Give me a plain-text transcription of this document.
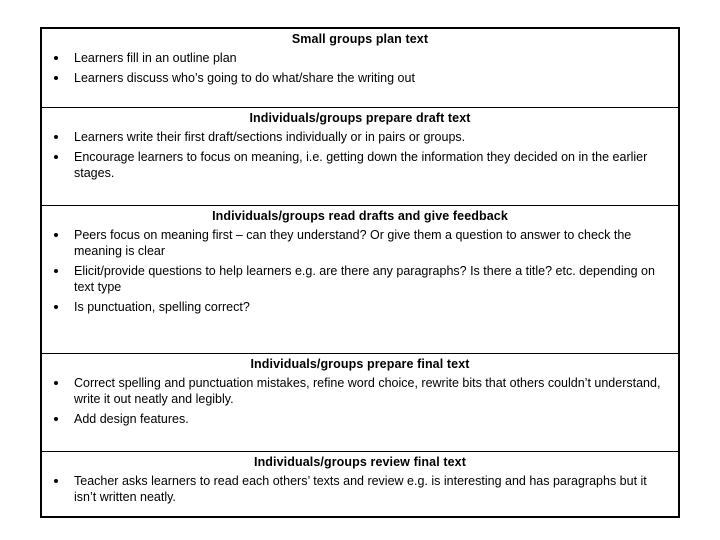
Small groups plan text
Learners fill in an outline plan
Learners discuss who’s going to do what/share the writing out
Individuals/groups prepare draft text
Learners write their first draft/sections individually or in pairs or groups.
Encourage learners to focus on meaning, i.e. getting down the information they decided on in the earlier stages.
Individuals/groups read drafts and give feedback
Peers focus on meaning first – can they understand? Or give them a question to answer to check the meaning is clear
Elicit/provide questions to help learners e.g. are there any paragraphs? Is there a title? etc. depending on text type
Is punctuation, spelling correct?
Individuals/groups prepare final text
Correct spelling and punctuation mistakes, refine word choice, rewrite bits that others couldn’t understand, write it out neatly and legibly.
Add design features.
Individuals/groups review final text
Teacher asks learners to read each others’ texts and review e.g. is interesting and has paragraphs but it isn’t written neatly.
